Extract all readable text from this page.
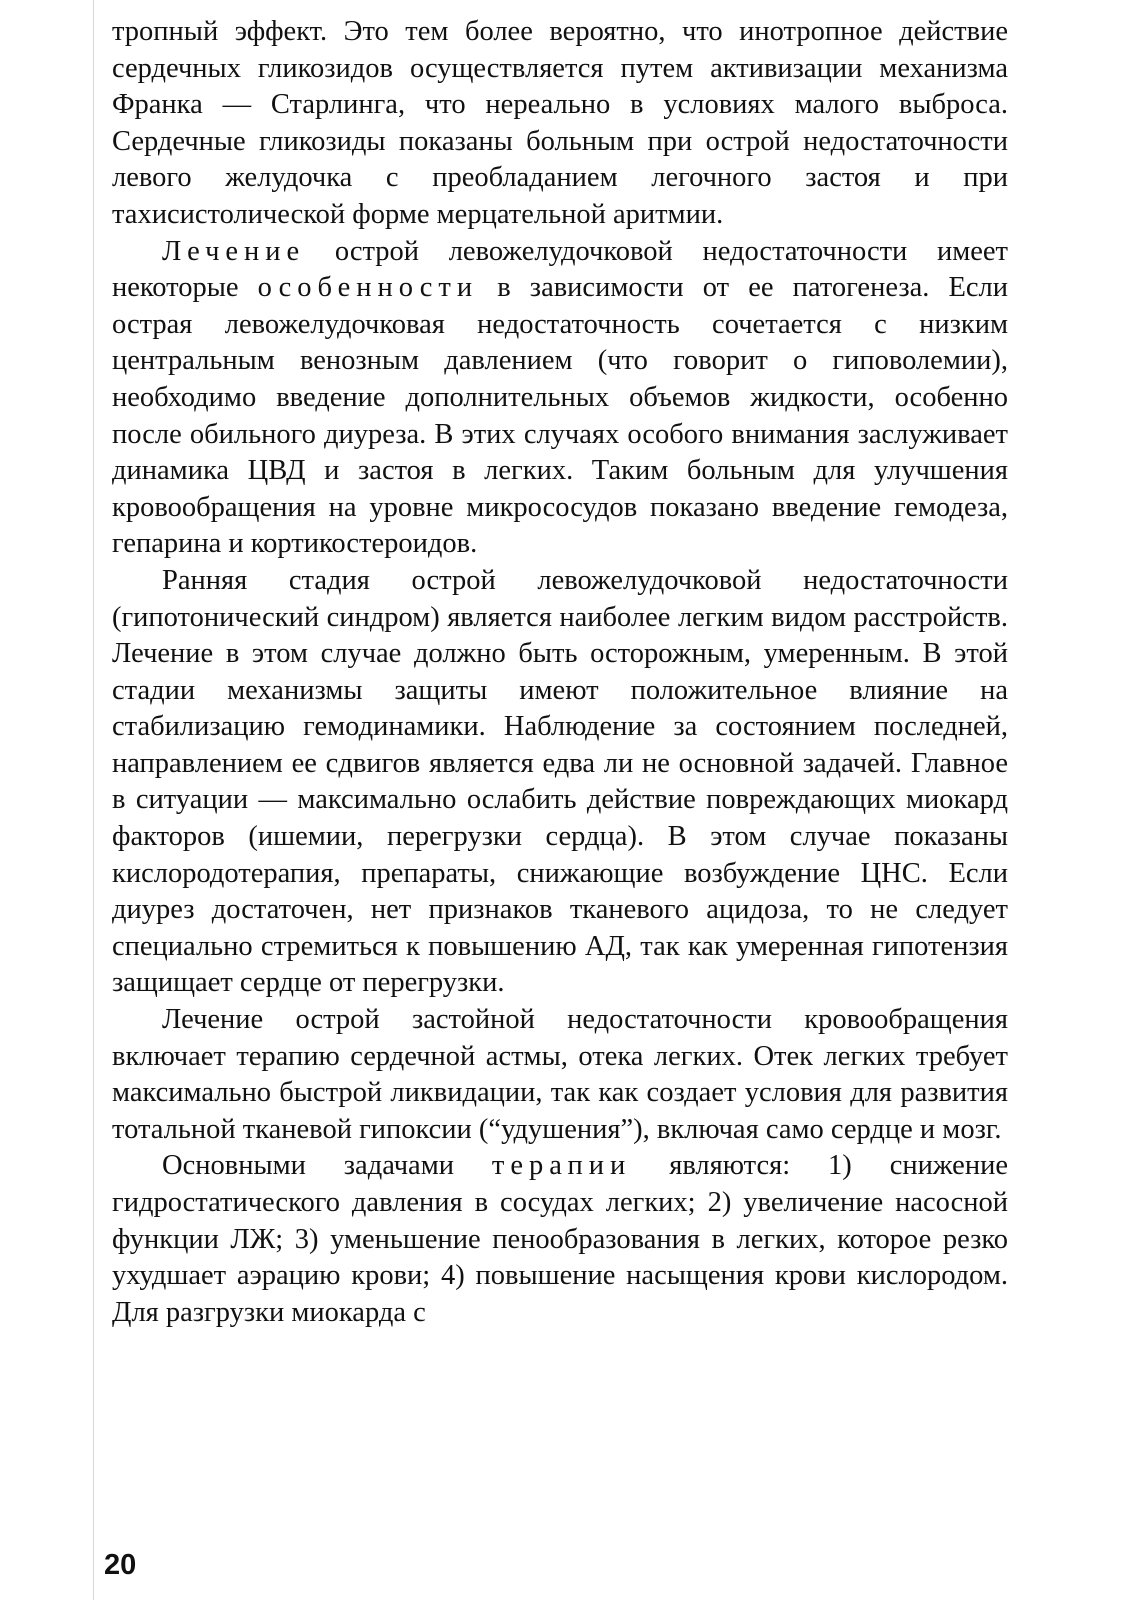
тропный эффект. Это тем более вероятно, что инотропное действие сердечных гликозидов осуществляется путем активизации механизма Франка — Старлинга, что нереально в условиях малого выброса. Сердечные гликозиды показаны больным при острой недостаточности левого желудочка с преобладанием легочного застоя и при тахисистолической форме мерцательной аритмии.

Лечение острой левожелудочковой недостаточности имеет некоторые особенности в зависимости от ее патогенеза. Если острая левожелудочковая недостаточность сочетается с низким центральным венозным давлением (что говорит о гиповолемии), необходимо введение дополнительных объемов жидкости, особенно после обильного диуреза. В этих случаях особого внимания заслуживает динамика ЦВД и застоя в легких. Таким больным для улучшения кровообращения на уровне микрососудов показано введение гемодеза, гепарина и кортикостероидов.

Ранняя стадия острой левожелудочковой недостаточности (гипотонический синдром) является наиболее легким видом расстройств. Лечение в этом случае должно быть осторожным, умеренным. В этой стадии механизмы защиты имеют положительное влияние на стабилизацию гемодинамики. Наблюдение за состоянием последней, направлением ее сдвигов является едва ли не основной задачей. Главное в ситуации — максимально ослабить действие повреждающих миокард факторов (ишемии, перегрузки сердца). В этом случае показаны кислородотерапия, препараты, снижающие возбуждение ЦНС. Если диурез достаточен, нет признаков тканевого ацидоза, то не следует специально стремиться к повышению АД, так как умеренная гипотензия защищает сердце от перегрузки.

Лечение острой застойной недостаточности кровообращения включает терапию сердечной астмы, отека легких. Отек легких требует максимально быстрой ликвидации, так как создает условия для развития тотальной тканевой гипоксии (“удушения”), включая само сердце и мозг.

Основными задачами терапии являются: 1) снижение гидростатического давления в сосудах легких; 2) увеличение насосной функции ЛЖ; 3) уменьшение пенообразования в легких, которое резко ухудшает аэрацию крови; 4) повышение насыщения крови кислородом. Для разгрузки миокарда с

20
